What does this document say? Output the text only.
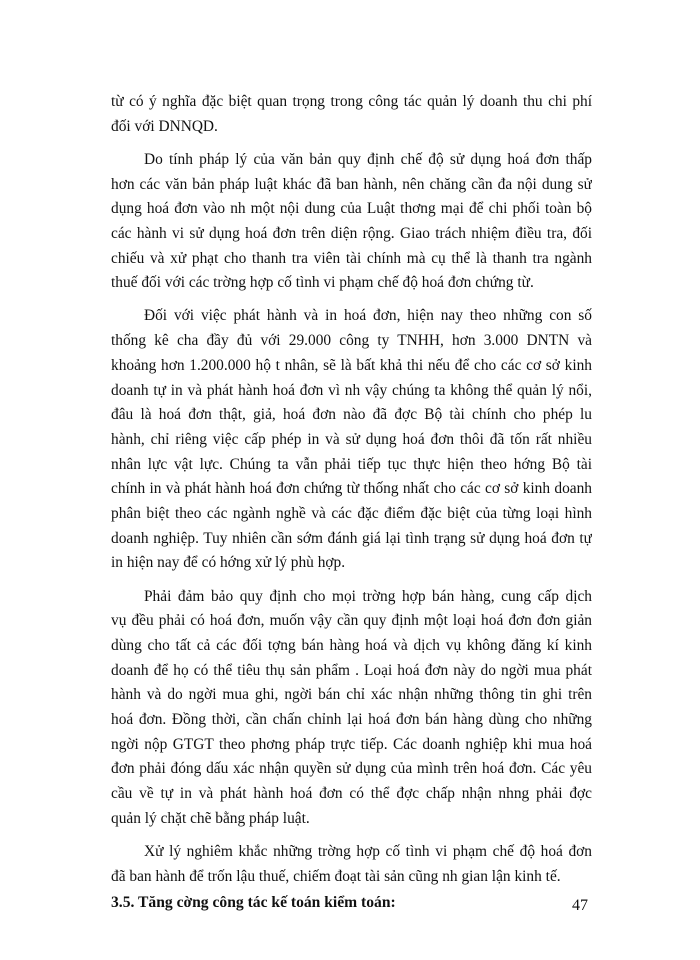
từ có ý nghĩa đặc biệt quan trọng trong công tác quản lý doanh thu chi phí
đối với DNNQD.
Do tính pháp lý của văn bản quy định chế độ sử dụng hoá đơn thấp
hơn các văn bản pháp luật khác đã ban hành, nên chăng cần đa nội dung sử
dụng hoá đơn vào nh một nội dung của Luật thơng mại để chi phối toàn bộ
các hành vi sử dụng hoá đơn trên diện rộng. Giao trách nhiệm điều tra, đối
chiếu và xử phạt cho thanh tra viên tài chính mà cụ thể là thanh tra ngành
thuế đối với các trờng hợp cố tình vi phạm chế độ hoá đơn chứng từ.
Đối với việc phát hành và in hoá đơn, hiện nay theo những con số
thống kê cha đầy đủ với 29.000 công ty TNHH, hơn 3.000 DNTN và
khoảng hơn 1.200.000 hộ t nhân, sẽ là bất khả thi nếu để cho các cơ sở kinh
doanh tự in và phát hành hoá đơn vì nh vậy chúng ta không thể quản lý nổi,
đâu là hoá đơn thật, giả, hoá đơn nào đã đợc Bộ tài chính cho phép lu
hành, chỉ riêng việc cấp phép in và sử dụng hoá đơn thôi đã tốn rất nhiều
nhân lực vật lực. Chúng ta vẫn phải tiếp tục thực hiện theo hớng Bộ tài
chính in và phát hành hoá đơn chứng từ thống nhất cho các cơ sở kinh doanh
phân biệt theo các ngành nghề và các đặc điểm đặc biệt của từng loại hình
doanh nghiệp. Tuy nhiên cần sớm đánh giá lại tình trạng sử dụng hoá đơn tự
in hiện nay để có hớng xử lý phù hợp.
Phải đảm bảo quy định cho mọi trờng hợp bán hàng, cung cấp dịch
vụ đều phải có hoá đơn, muốn vậy cần quy định một loại hoá đơn đơn giản
dùng cho tất cả các đối tợng bán hàng hoá và dịch vụ không đăng kí kinh
doanh để họ có thể tiêu thụ sản phẩm . Loại hoá đơn này do ngời mua phát
hành và do ngời mua ghi, ngời bán chỉ xác nhận những thông tin ghi trên
hoá đơn. Đồng thời, cần chấn chỉnh lại hoá đơn bán hàng dùng cho những
ngời nộp GTGT theo phơng pháp trực tiếp. Các doanh nghiệp khi mua hoá
đơn phải đóng dấu xác nhận quyền sử dụng của mình trên hoá đơn. Các yêu
cầu về tự in và phát hành hoá đơn có thể đợc chấp nhận nhng phải đợc
quản lý chặt chẽ bằng pháp luật.
Xử lý nghiêm khắc những trờng hợp cố tình vi phạm chế độ hoá đơn
đã ban hành để trốn lậu thuế, chiếm đoạt tài sản cũng nh gian lận kinh tế.
3.5. Tăng cờng công tác kế toán kiểm toán:	47
